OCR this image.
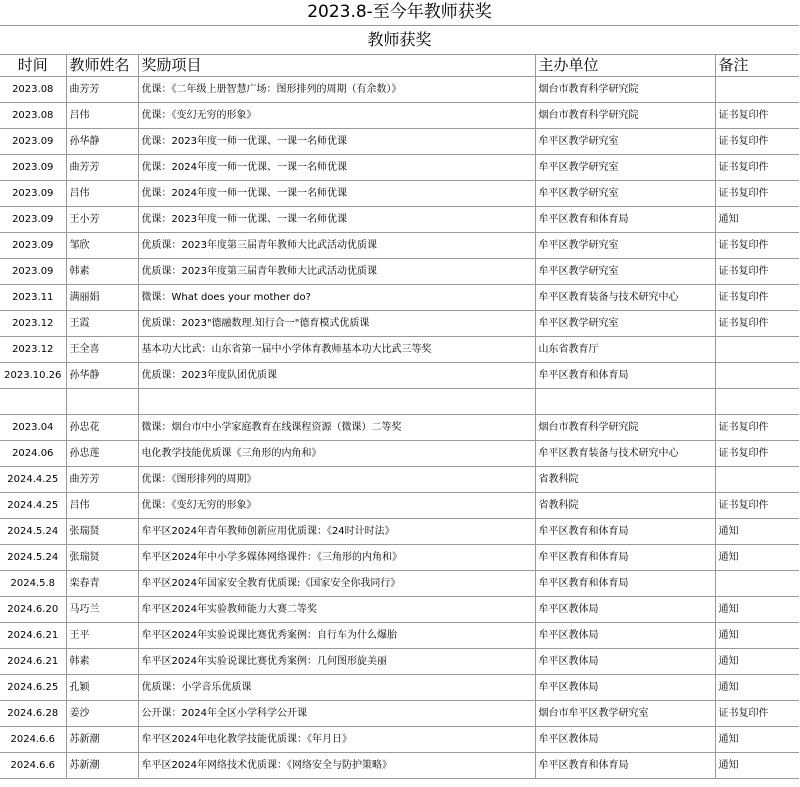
2023.8-至今年教师获奖
教师获奖
时间	教师姓名	奖励项目	主办单位	备注
2023.08	曲芳芳	优课：《二年级上册智慧广场：图形排列的周期（有余数）》	烟台市教育科学研究院	
2023.08	吕伟	优课：《变幻无穷的形象》	烟台市教育科学研究院	证书复印件
2023.09	孙华静	优课：2023年度一师一优课、一课一名师优课	牟平区教学研究室	证书复印件
2023.09	曲芳芳	优课：2024年度一师一优课、一课一名师优课	牟平区教学研究室	证书复印件
2023.09	吕伟	优课：2024年度一师一优课、一课一名师优课	牟平区教学研究室	证书复印件
2023.09	王小芳	优课：2023年度一师一优课、一课一名师优课	牟平区教育和体育局	通知
2023.09	邹欣	优质课：2023年度第三届青年教师大比武活动优质课	牟平区教学研究室	证书复印件
2023.09	韩素	优质课：2023年度第三届青年教师大比武活动优质课	牟平区教学研究室	证书复印件
2023.11	满丽娟	微课：What does your mother do?	牟平区教育装备与技术研究中心	证书复印件
2023.12	王霞	优质课：2023"德融数理.知行合一"德育模式优质课	牟平区教学研究室	证书复印件
2023.12	王全喜	基本功大比武：山东省第一届中小学体育教师基本功大比武三等奖	山东省教育厅	
2023.10.26	孙华静	优质课：2023年度队团优质课	牟平区教育和体育局	

2023.04	孙忠花	微课：烟台市中小学家庭教育在线课程资源（微课）二等奖	烟台市教育科学研究院	证书复印件
2024.06	孙忠莲	电化教学技能优质课《三角形的内角和》	牟平区教育装备与技术研究中心	证书复印件
2024.4.25	曲芳芳	优课：《图形排列的周期》	省教科院	
2024.4.25	吕伟	优课：《变幻无穷的形象》	省教科院	证书复印件
2024.5.24	张瑞贤	牟平区2024年青年教师创新应用优质课：《24时计时法》	牟平区教育和体育局	通知
2024.5.24	张瑞贤	牟平区2024年中小学多媒体网络课件：《三角形的内角和》	牟平区教育和体育局	通知
2024.5.8	栾春青	牟平区2024年国家安全教育优质课:《国家安全你我同行》	牟平区教育和体育局	
2024.6.20	马巧兰	牟平区2024年实验教师能力大赛二等奖	牟平区教体局	通知
2024.6.21	王平	牟平区2024年实验说课比赛优秀案例：自行车为什么爆胎	牟平区教体局	通知
2024.6.21	韩素	牟平区2024年实验说课比赛优秀案例：几何图形旋美丽	牟平区教体局	通知
2024.6.25	孔颖	优质课：小学音乐优质课	牟平区教体局	通知
2024.6.28	姜沙	公开课：2024年全区小学科学公开课	烟台市牟平区教学研究室	证书复印件
2024.6.6	苏新潮	牟平区2024年电化教学技能优质课：《年月日》	牟平区教体局	通知
2024.6.6	苏新潮	牟平区2024年网络技术优质课：《网络安全与防护策略》	牟平区教育和体育局	通知
